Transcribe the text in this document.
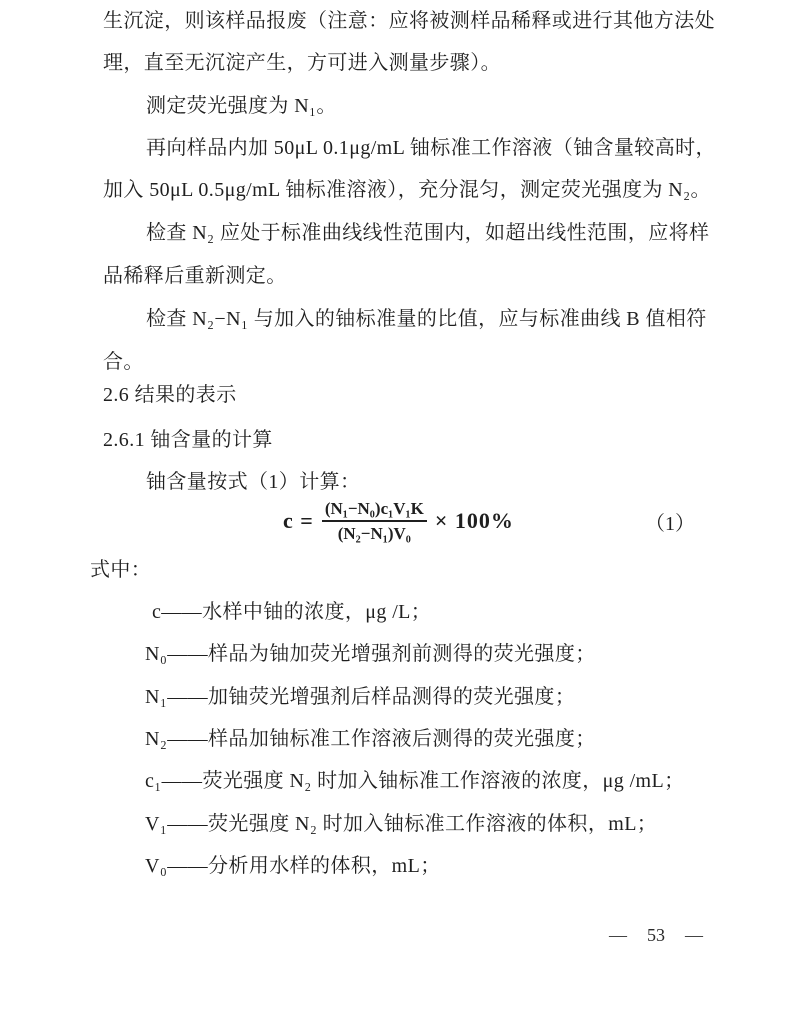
生沉淀，则该样品报废（注意：应将被测样品稀释或进行其他方法处
理，直至无沉淀产生，方可进入测量步骤）。
测定荧光强度为 N₁。
再向样品内加 50μL 0.1μg/mL 铀标准工作溶液（铀含量较高时，
加入 50μL 0.5μg/mL 铀标准溶液），充分混匀，测定荧光强度为 N₂。
检查 N₂ 应处于标准曲线线性范围内，如超出线性范围，应将样
品稀释后重新测定。
检查 N₂−N₁ 与加入的铀标准量的比值，应与标准曲线 B 值相符
合。
2.6 结果的表示
2.6.1 铀含量的计算
铀含量按式（1）计算：
$c = \frac{\text{(N₁−N₀)c₁V₁K}}{\text{(N₂−N₁)V₀}} \times 100\%$	（1）
式中：
c——水样中铀的浓度，μg /L；
N₀——样品为铀加荧光增强剂前测得的荧光强度；
N₁——加铀荧光增强剂后样品测得的荧光强度；
N₂——样品加铀标准工作溶液后测得的荧光强度；
c₁——荧光强度 N₂ 时加入铀标准工作溶液的浓度，μg /mL；
V₁——荧光强度 N₂ 时加入铀标准工作溶液的体积，mL；
V₀——分析用水样的体积，mL；
— 53 —
